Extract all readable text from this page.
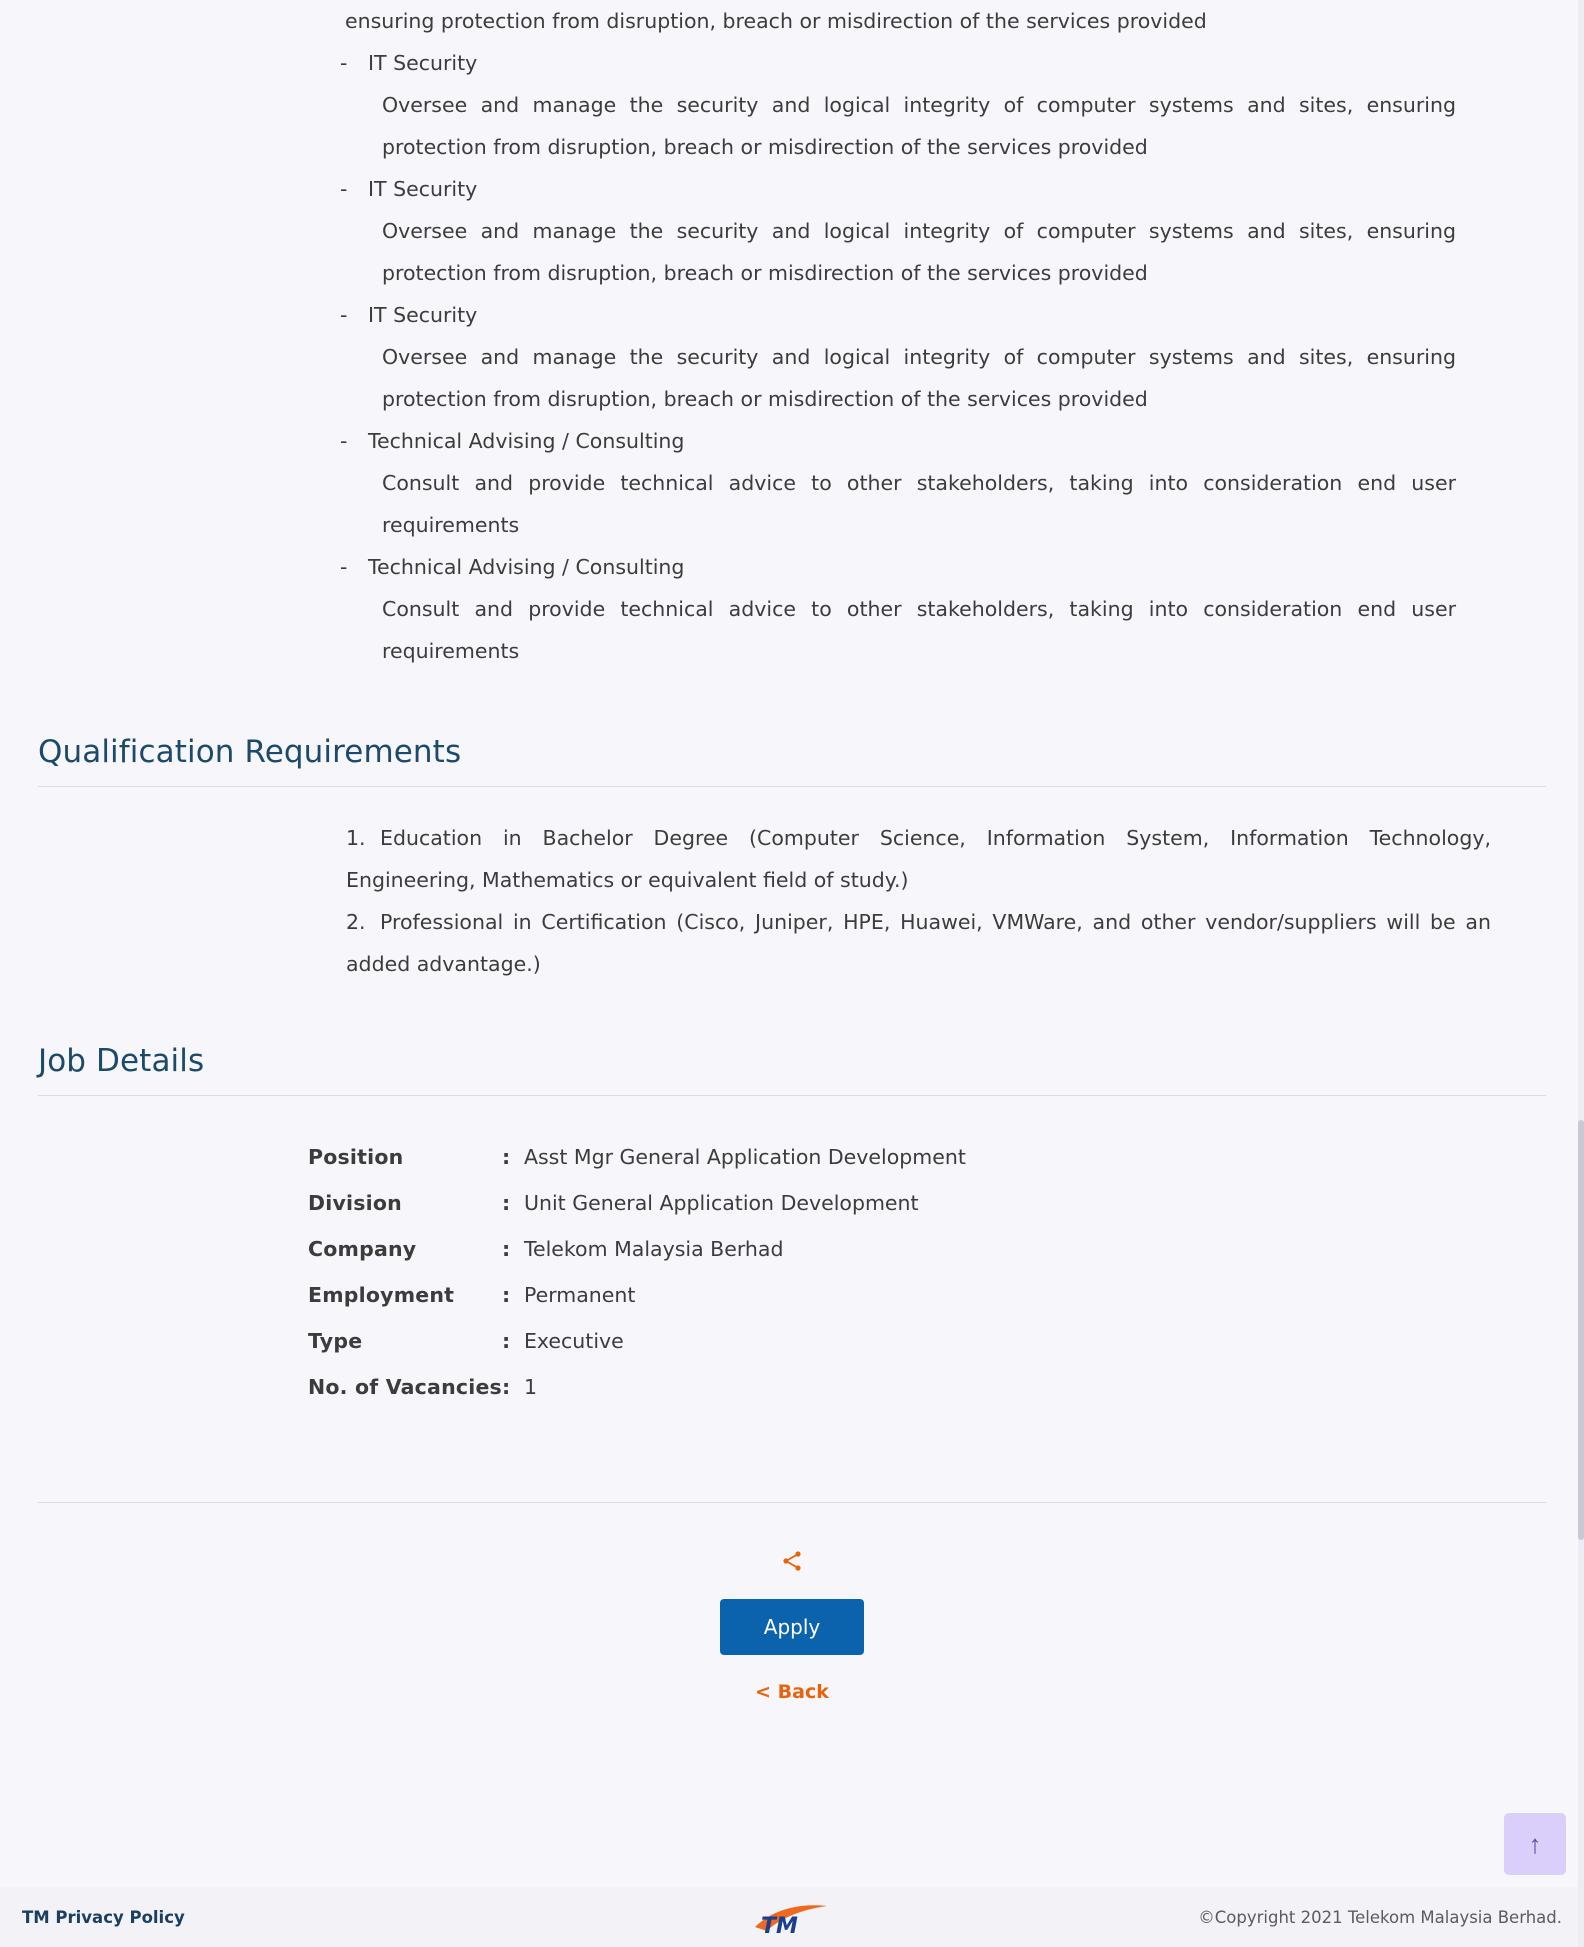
ensuring protection from disruption, breach or misdirection of the services provided

- IT Security

Oversee and manage the security and logical integrity of computer systems and sites, ensuring protection from disruption, breach or misdirection of the services provided

- IT Security

Oversee and manage the security and logical integrity of computer systems and sites, ensuring protection from disruption, breach or misdirection of the services provided

- IT Security

Oversee and manage the security and logical integrity of computer systems and sites, ensuring protection from disruption, breach or misdirection of the services provided

- Technical Advising / Consulting

Consult and provide technical advice to other stakeholders, taking into consideration end user requirements

- Technical Advising / Consulting

Consult and provide technical advice to other stakeholders, taking into consideration end user requirements

Qualification Requirements

1. Education in Bachelor Degree (Computer Science, Information System, Information Technology, Engineering, Mathematics or equivalent field of study.)

2. Professional in Certification (Cisco, Juniper, HPE, Huawei, VMWare, and other vendor/suppliers will be an added advantage.)

Job Details
Position	:	Asst Mgr General Application Development
Division	:	Unit General Application Development
Company	:	Telekom Malaysia Berhad
Employment	:	Permanent
Type	:	Executive
No. of Vacancies	:	1
Apply
< Back
↑
TM Privacy Policy	TM	©Copyright 2021 Telekom Malaysia Berhad.
